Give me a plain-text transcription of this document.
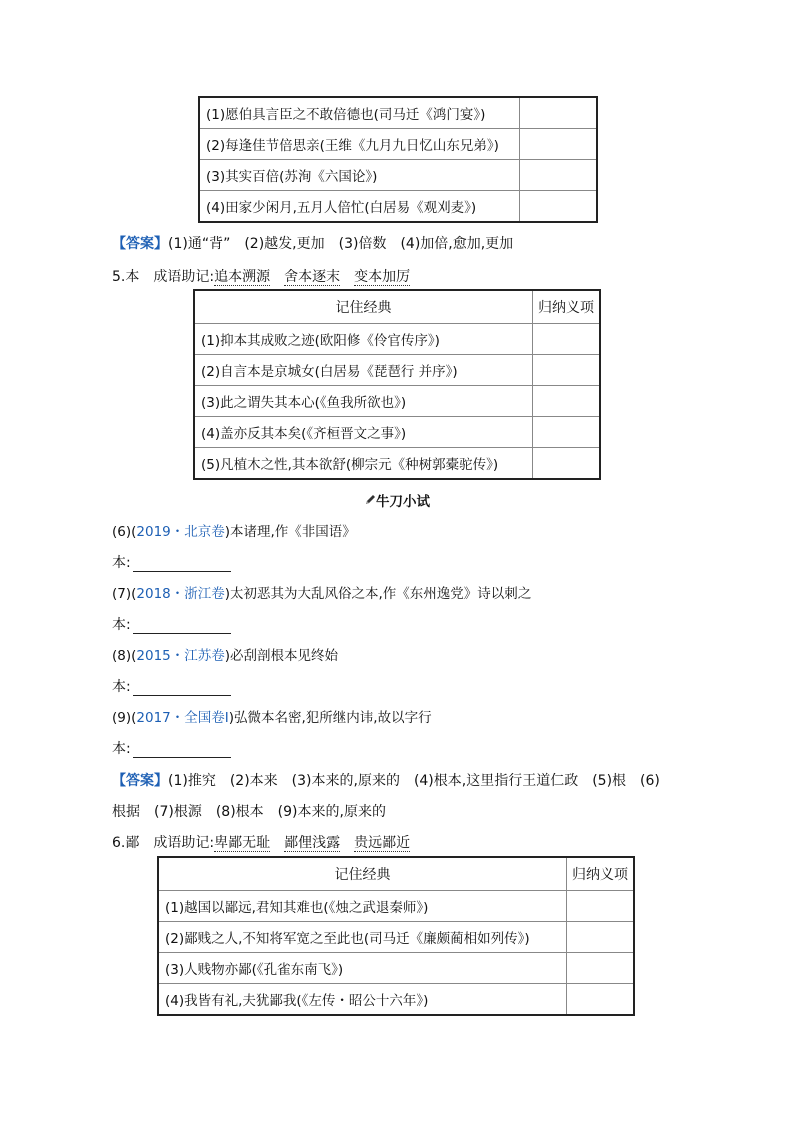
(1)愿伯具言臣之不敢倍德也(司马迁《鸿门宴》)	
(2)每逢佳节倍思亲(王维《九月九日忆山东兄弟》)	
(3)其实百倍(苏洵《六国论》)	
(4)田家少闲月,五月人倍忙(白居易《观刈麦》)	
【答案】(1)通“背”　(2)越发,更加　(3)倍数　(4)加倍,愈加,更加
5.本　成语助记:追本溯源　 舍本逐末　 变本加厉
记住经典	归纳义项
(1)抑本其成败之迹(欧阳修《伶官传序》)	
(2)自言本是京城女(白居易《琵琶行 并序》)	
(3)此之谓失其本心(《鱼我所欲也》)	
(4)盖亦反其本矣(《齐桓晋文之事》)	
(5)凡植木之性,其本欲舒(柳宗元《种树郭橐驼传》)	
牛刀小试
(6)(2019・北京卷)本诸理,作《非国语》
本:
(7)(2018・浙江卷)太初恶其为大乱风俗之本,作《东州逸党》诗以刺之
本:
(8)(2015・江苏卷)必刮剖根本见终始
本:
(9)(2017・全国卷Ⅰ)弘微本名密,犯所继内讳,故以字行
本:
【答案】(1)推究　(2)本来　(3)本来的,原来的　(4)根本,这里指行王道仁政　(5)根　(6)
根据　(7)根源　(8)根本　(9)本来的,原来的
6.鄙　成语助记:卑鄙无耻　 鄙俚浅露　 贵远鄙近
记住经典	归纳义项
(1)越国以鄙远,君知其难也(《烛之武退秦师》)	
(2)鄙贱之人,不知将军宽之至此也(司马迁《廉颇蔺相如列传》)	
(3)人贱物亦鄙(《孔雀东南飞》)	
(4)我皆有礼,夫犹鄙我(《左传・昭公十六年》)	
